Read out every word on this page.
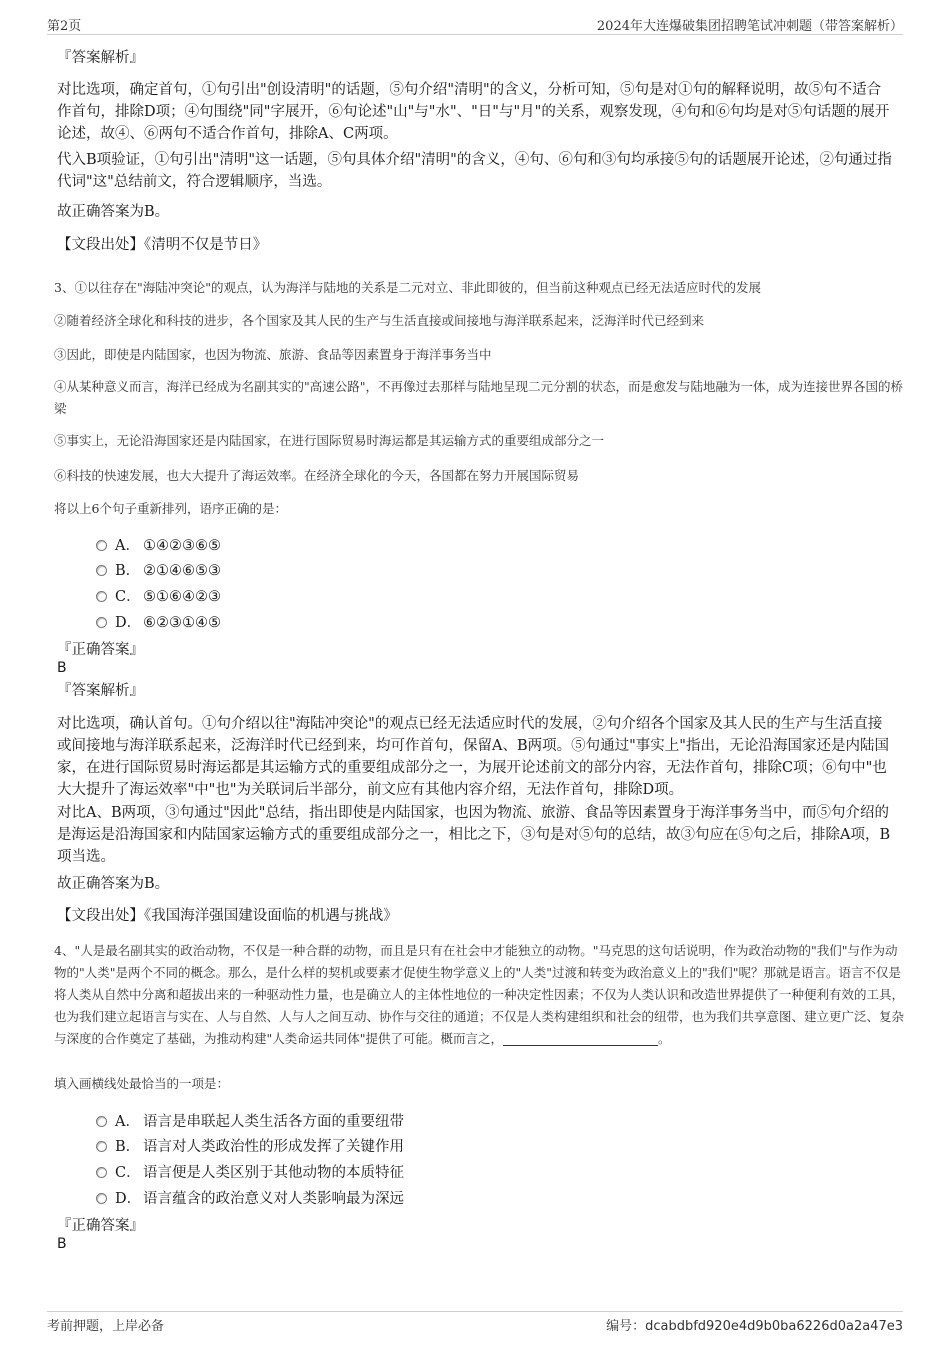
第2页	2024年大连爆破集团招聘笔试冲刺题（带答案解析）
『答案解析』
对比选项，确定首句，①句引出"创设清明"的话题，⑤句介绍"清明"的含义，分析可知，⑤句是对①句的解释说明，故⑤句不适合作首句，排除D项；④句围绕"同"字展开，⑥句论述"山"与"水"、"日"与"月"的关系，观察发现，④句和⑥句均是对⑤句话题的展开论述，故④、⑥两句不适合作首句，排除A、C两项。
代入B项验证，①句引出"清明"这一话题，⑤句具体介绍"清明"的含义，④句、⑥句和③句均承接⑤句的话题展开论述，②句通过指代词"这"总结前文，符合逻辑顺序，当选。
故正确答案为B。
【文段出处】《清明不仅是节日》
3、①以往存在"海陆冲突论"的观点，认为海洋与陆地的关系是二元对立、非此即彼的，但当前这种观点已经无法适应时代的发展
②随着经济全球化和科技的进步，各个国家及其人民的生产与生活直接或间接地与海洋联系起来，泛海洋时代已经到来
③因此，即使是内陆国家，也因为物流、旅游、食品等因素置身于海洋事务当中
④从某种意义而言，海洋已经成为名副其实的"高速公路"，不再像过去那样与陆地呈现二元分割的状态，而是愈发与陆地融为一体，成为连接世界各国的桥梁
⑤事实上，无论沿海国家还是内陆国家，在进行国际贸易时海运都是其运输方式的重要组成部分之一
⑥科技的快速发展，也大大提升了海运效率。在经济全球化的今天，各国都在努力开展国际贸易
将以上6个句子重新排列，语序正确的是：
A． ①④②③⑥⑤
B． ②①④⑥⑤③
C． ⑤①⑥④②③
D． ⑥②③①④⑤
『正确答案』
B
『答案解析』
对比选项，确认首句。①句介绍以往"海陆冲突论"的观点已经无法适应时代的发展，②句介绍各个国家及其人民的生产与生活直接或间接地与海洋联系起来，泛海洋时代已经到来，均可作首句，保留A、B两项。⑤句通过"事实上"指出，无论沿海国家还是内陆国家，在进行国际贸易时海运都是其运输方式的重要组成部分之一，为展开论述前文的部分内容，无法作首句，排除C项；⑥句中"也大大提升了海运效率"中"也"为关联词后半部分，前文应有其他内容介绍，无法作首句，排除D项。
对比A、B两项，③句通过"因此"总结，指出即使是内陆国家，也因为物流、旅游、食品等因素置身于海洋事务当中，而⑤句介绍的是海运是沿海国家和内陆国家运输方式的重要组成部分之一，相比之下，③句是对⑤句的总结，故③句应在⑤句之后，排除A项，B项当选。
故正确答案为B。
【文段出处】《我国海洋强国建设面临的机遇与挑战》
4、"人是最名副其实的政治动物，不仅是一种合群的动物，而且是只有在社会中才能独立的动物。"马克思的这句话说明，作为政治动物的"我们"与作为动物的"人类"是两个不同的概念。那么，是什么样的契机或要素才促使生物学意义上的"人类"过渡和转变为政治意义上的"我们"呢？那就是语言。语言不仅是将人类从自然中分离和超拔出来的一种驱动性力量，也是确立人的主体性地位的一种决定性因素；不仅为人类认识和改造世界提供了一种便利有效的工具，也为我们建立起语言与实在、人与自然、人与人之间互动、协作与交往的通道；不仅是人类构建组织和社会的纽带，也为我们共享意图、建立更广泛、复杂与深度的合作奠定了基础，为推动构建"人类命运共同体"提供了可能。概而言之，	。
填入画横线处最恰当的一项是：
A． 语言是串联起人类生活各方面的重要纽带
B． 语言对人类政治性的形成发挥了关键作用
C． 语言便是人类区别于其他动物的本质特征
D． 语言蕴含的政治意义对人类影响最为深远
『正确答案』
B
考前押题，上岸必备	编号：dcabdbfd920e4d9b0ba6226d0a2a47e3
